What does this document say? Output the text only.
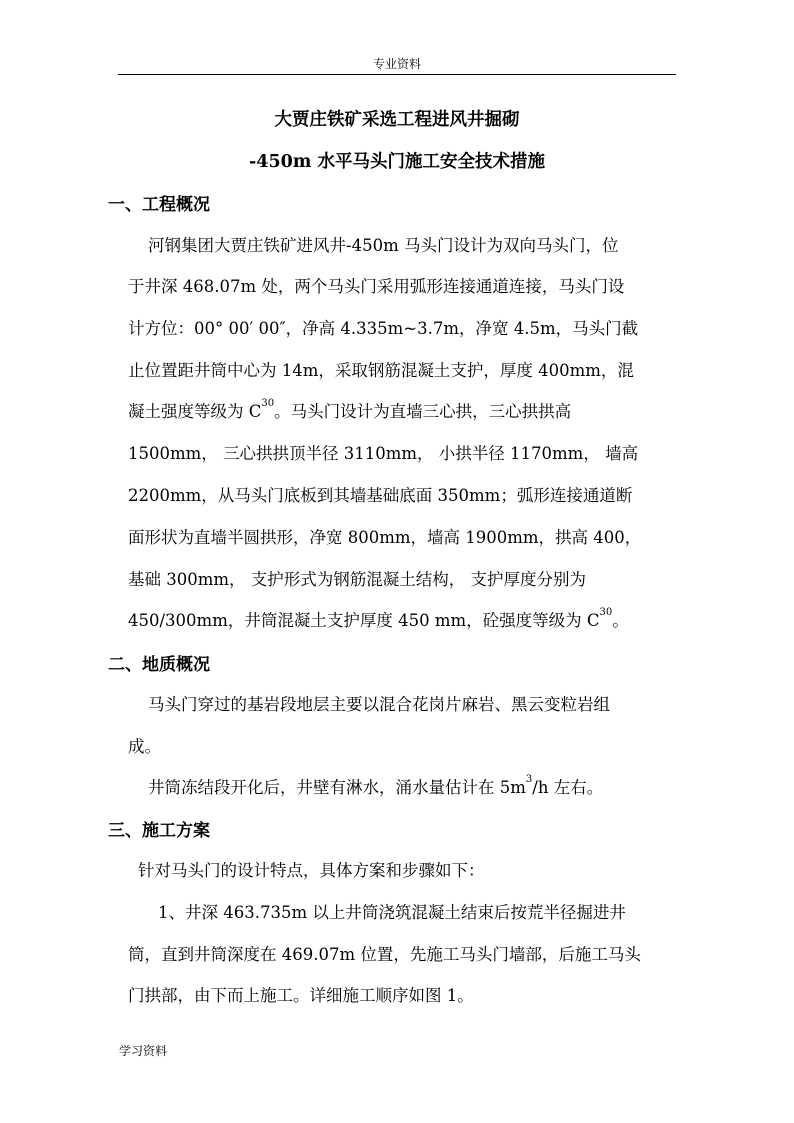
专业资料
大贾庄铁矿采选工程进风井掘砌
-450m 水平马头门施工安全技术措施
一、工程概况
河钢集团大贾庄铁矿进风井-450m 马头门设计为双向马头门，位
于井深 468.07m 处，两个马头门采用弧形连接通道连接，马头门设
计方位：00° 00′ 00″，净高 4.335m~3.7m，净宽 4.5m，马头门截
止位置距井筒中心为 14m，采取钢筋混凝土支护，厚度 400mm，混
凝土强度等级为 C 30 。马头门设计为直墙三心拱，三心拱拱高
1500mm， 三心拱拱顶半径 3110mm， 小拱半径 1170mm， 墙高
2200mm，从马头门底板到其墙基础底面 350mm；弧形连接通道断
面形状为直墙半圆拱形，净宽 800mm，墙高 1900mm，拱高 400，
基础 300mm， 支护形式为钢筋混凝土结构， 支护厚度分别为
450/300mm，井筒混凝土支护厚度 450 mm，砼强度等级为 C 30 。
二、地质概况
马头门穿过的基岩段地层主要以混合花岗片麻岩、黑云变粒岩组
成。
井筒冻结段开化后，井壁有淋水，涌水量估计在 5m 3 /h 左右。
三、施工方案
针对马头门的设计特点，具体方案和步骤如下：
1、井深 463.735m 以上井筒浇筑混凝土结束后按荒半径掘进井
筒，直到井筒深度在 469.07m 位置，先施工马头门墙部，后施工马头
门拱部，由下而上施工。详细施工顺序如图 1。
学习资料
